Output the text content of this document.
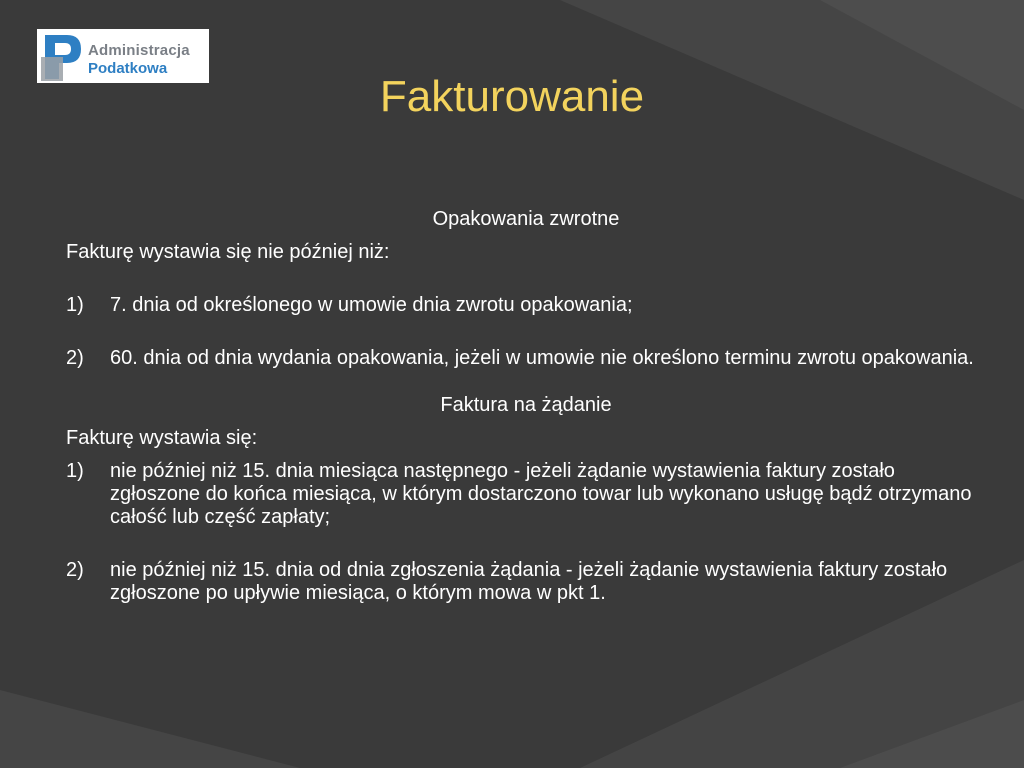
Administracja
Podatkowa
Fakturowanie

Opakowania zwrotne

Fakturę wystawia się nie później niż:

1) 7. dnia od określonego w umowie dnia zwrotu opakowania;
2) 60. dnia od dnia wydania opakowania, jeżeli w umowie nie określono terminu zwrotu opakowania.

Faktura na żądanie

Fakturę wystawia się:

1) nie później niż 15. dnia miesiąca następnego - jeżeli żądanie wystawienia faktury zostało zgłoszone do końca miesiąca, w którym dostarczono towar lub wykonano usługę bądź otrzymano całość lub część zapłaty;
2) nie później niż 15. dnia od dnia zgłoszenia żądania - jeżeli żądanie wystawienia faktury zostało zgłoszone po upływie miesiąca, o którym mowa w pkt 1.
